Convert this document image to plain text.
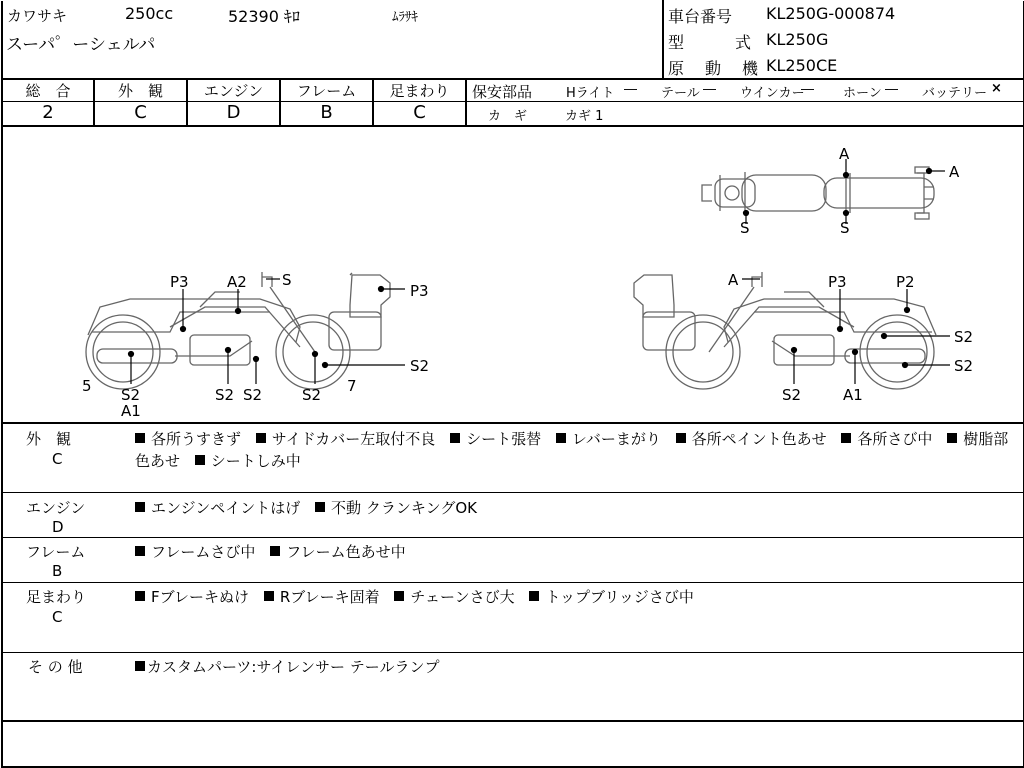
カワサキ	250cc	52390 ｷﾛ	ﾑﾗｻｷ
スーパ゜ーシェルパ
車台番号 KL250G-000874
型	式 KL250G
原 動 機 KL250CE
総　合
2
外　観
C
エンジン
D
フレーム
B
足まわり
C
保安部品	Hライト ― テール ― ウインカー
― ホーン ― バッテリー ×
カ　ギ	カギ 1
A
A
S	S
P3	A2 S
P3
S2
7
5 S2
A1
S2 S2	S2
A	P3	P2
S2
S2
S2	A1
外　観
C
各所うすきず サイドカバー左取付不良 シート張替 レバーまがり 各所ペイント色あせ 各所さび中 樹脂部色あせ シートしみ中
エンジン
D
エンジンペイントはげ 不動 クランキングOK
フレーム
B
フレームさび中 フレーム色あせ中
足まわり
C
Fブレーキぬけ Rブレーキ固着 チェーンさび大 トップブリッジさび中
そ の 他	カスタムパーツ:サイレンサー テールランプ
